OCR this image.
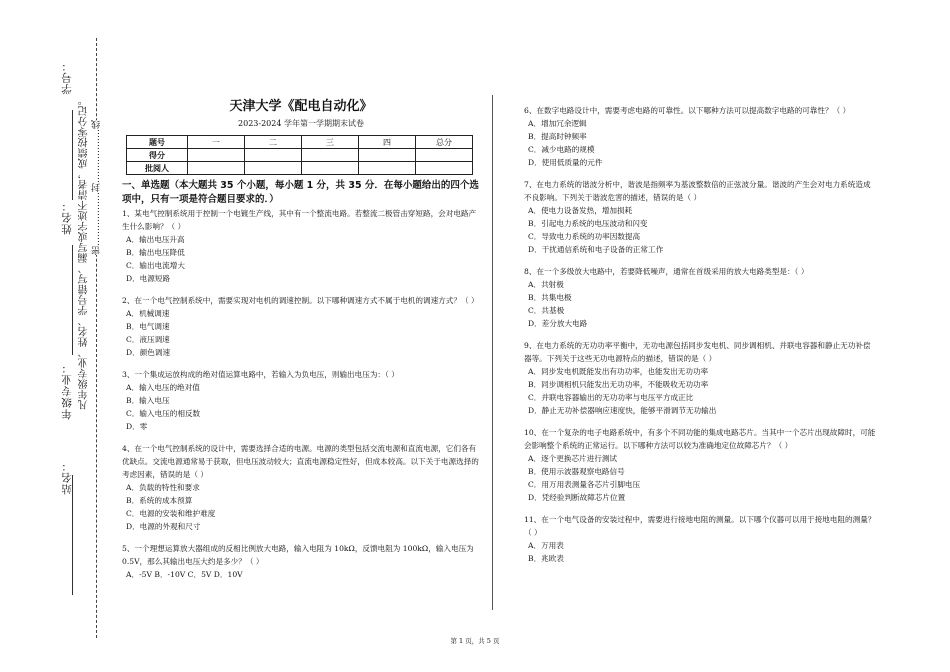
学号：
姓名：
年级专业：
站名：
凡年级专业、姓名、学号错写、漏写或字迹不清者，成绩按零分记。 密………………封………………线
天津大学《配电自动化》
2023-2024 学年第一学期期末试卷
题号	一	二	三	四	总分
得分					
批阅人					
一、单选题（本大题共 35 个小题，每小题 1 分，共 35 分．在每小题给出的四个选项中，只有一项是符合题目要求的．）
1、某电气控制系统用于控制一个电镀生产线，其中有一个整流电路。若整流二极管击穿短路，会对电路产生什么影响？（ ）
A．输出电压升高
B．输出电压降低
C．输出电流增大
D．电源短路
2、在一个电气控制系统中，需要实现对电机的调速控制。以下哪种调速方式不属于电机的调速方式？（ ）
A．机械调速
B．电气调速
C．液压调速
D．颜色调速
3、一个集成运放构成的绝对值运算电路中，若输入为负电压，则输出电压为：（ ）
A．输入电压的绝对值
B．输入电压
C．输入电压的相反数
D．零
4、在一个电气控制系统的设计中，需要选择合适的电源。电源的类型包括交流电源和直流电源，它们各有优缺点。交流电源通常易于获取，但电压波动较大；直流电源稳定性好，但成本较高。以下关于电源选择的考虑因素，错误的是（ ）
A．负载的特性和要求
B．系统的成本预算
C．电源的安装和维护难度
D．电源的外观和尺寸
5、一个理想运算放大器组成的反相比例放大电路，输入电阻为 10kΩ，反馈电阻为 100kΩ，输入电压为 0.5V，那么其输出电压大约是多少？（ ）
A．-5V B．-10V C．5V D．10V
6、在数字电路设计中，需要考虑电路的可靠性。以下哪种方法可以提高数字电路的可靠性？（ ）
A．增加冗余逻辑
B．提高时钟频率
C．减少电路的规模
D．使用低质量的元件
7、在电力系统的谐波分析中，谐波是指频率为基波整数倍的正弦波分量。谐波的产生会对电力系统造成不良影响。下列关于谐波危害的描述，错误的是（ ）
A．使电力设备发热，增加损耗
B．引起电力系统的电压波动和闪变
C．导致电力系统的功率因数提高
D．干扰通信系统和电子设备的正常工作
8、在一个多级放大电路中，若要降低噪声，通常在首级采用的放大电路类型是：（ ）
A．共射极
B．共集电极
C．共基极
D．差分放大电路
9、在电力系统的无功功率平衡中，无功电源包括同步发电机、同步调相机、并联电容器和静止无功补偿器等。下列关于这些无功电源特点的描述，错误的是（ ）
A．同步发电机既能发出有功功率，也能发出无功功率
B．同步调相机只能发出无功功率，不能吸收无功功率
C．并联电容器输出的无功功率与电压平方成正比
D．静止无功补偿器响应速度快，能够平滑调节无功输出
10、在一个复杂的电子电路系统中，有多个不同功能的集成电路芯片。当其中一个芯片出现故障时，可能会影响整个系统的正常运行。以下哪种方法可以较为准确地定位故障芯片？（ ）
A．逐个更换芯片进行测试
B．使用示波器观察电路信号
C．用万用表测量各芯片引脚电压
D．凭经验判断故障芯片位置
11、在一个电气设备的安装过程中，需要进行接地电阻的测量。以下哪个仪器可以用于接地电阻的测量？（ ）
A．万用表
B．兆欧表
第 1 页，共 5 页
